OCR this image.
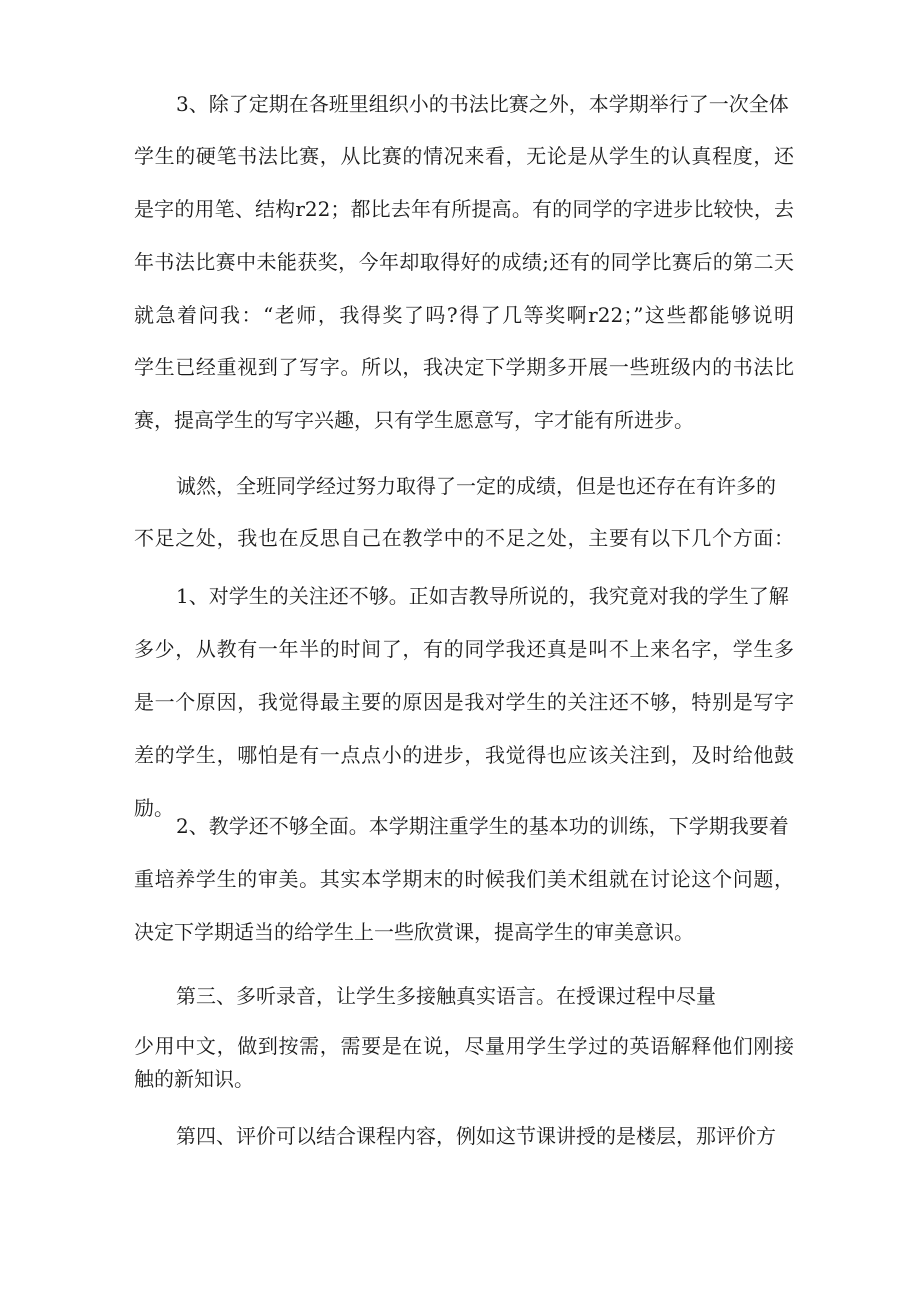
3、除了定期在各班里组织小的书法比赛之外，本学期举行了一次全体
学生的硬笔书法比赛，从比赛的情况来看，无论是从学生的认真程度，还
是字的用笔、结构r22；都比去年有所提高。有的同学的字进步比较快，去
年书法比赛中未能获奖，今年却取得好的成绩;还有的同学比赛后的第二天
就急着问我：“老师，我得奖了吗?得了几等奖啊r22；”这些都能够说明
学生已经重视到了写字。所以，我决定下学期多开展一些班级内的书法比
赛，提高学生的写字兴趣，只有学生愿意写，字才能有所进步。
诚然，全班同学经过努力取得了一定的成绩，但是也还存在有许多的
不足之处，我也在反思自己在教学中的不足之处，主要有以下几个方面：
1、对学生的关注还不够。正如吉教导所说的，我究竟对我的学生了解
多少，从教有一年半的时间了，有的同学我还真是叫不上来名字，学生多
是一个原因，我觉得最主要的原因是我对学生的关注还不够，特别是写字
差的学生，哪怕是有一点点小的进步，我觉得也应该关注到，及时给他鼓
励。
2、教学还不够全面。本学期注重学生的基本功的训练，下学期我要着
重培养学生的审美。其实本学期末的时候我们美术组就在讨论这个问题，
决定下学期适当的给学生上一些欣赏课，提高学生的审美意识。
第三、多听录音，让学生多接触真实语言。在授课过程中尽量
少用中文，做到按需，需要是在说，尽量用学生学过的英语解释他们刚接
触的新知识。
第四、评价可以结合课程内容，例如这节课讲授的是楼层，那评价方
